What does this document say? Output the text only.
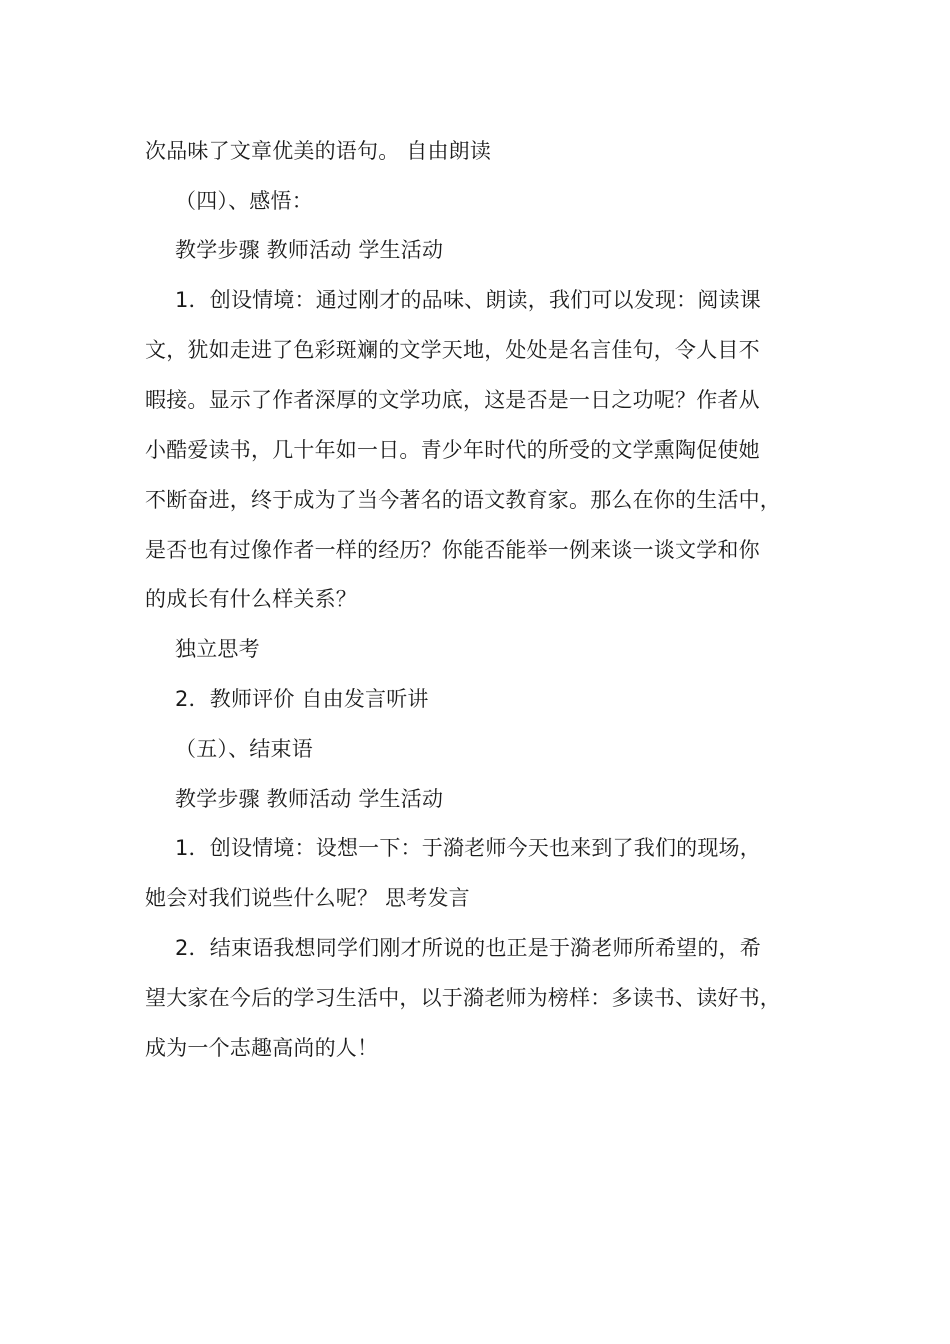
次品味了文章优美的语句。 自由朗读
（四）、感悟：
教学步骤 教师活动 学生活动
1．创设情境：通过刚才的品味、朗读，我们可以发现：阅读课
文，犹如走进了色彩斑斓的文学天地，处处是名言佳句，令人目不
暇接。显示了作者深厚的文学功底，这是否是一日之功呢？作者从
小酷爱读书，几十年如一日。青少年时代的所受的文学熏陶促使她
不断奋进，终于成为了当今著名的语文教育家。那么在你的生活中，
是否也有过像作者一样的经历？你能否能举一例来谈一谈文学和你
的成长有什么样关系？
独立思考
2．教师评价 自由发言听讲
（五）、结束语
教学步骤 教师活动 学生活动
1．创设情境：设想一下：于漪老师今天也来到了我们的现场，
她会对我们说些什么呢？ 思考发言
2．结束语我想同学们刚才所说的也正是于漪老师所希望的，希
望大家在今后的学习生活中，以于漪老师为榜样：多读书、读好书，
成为一个志趣高尚的人！
